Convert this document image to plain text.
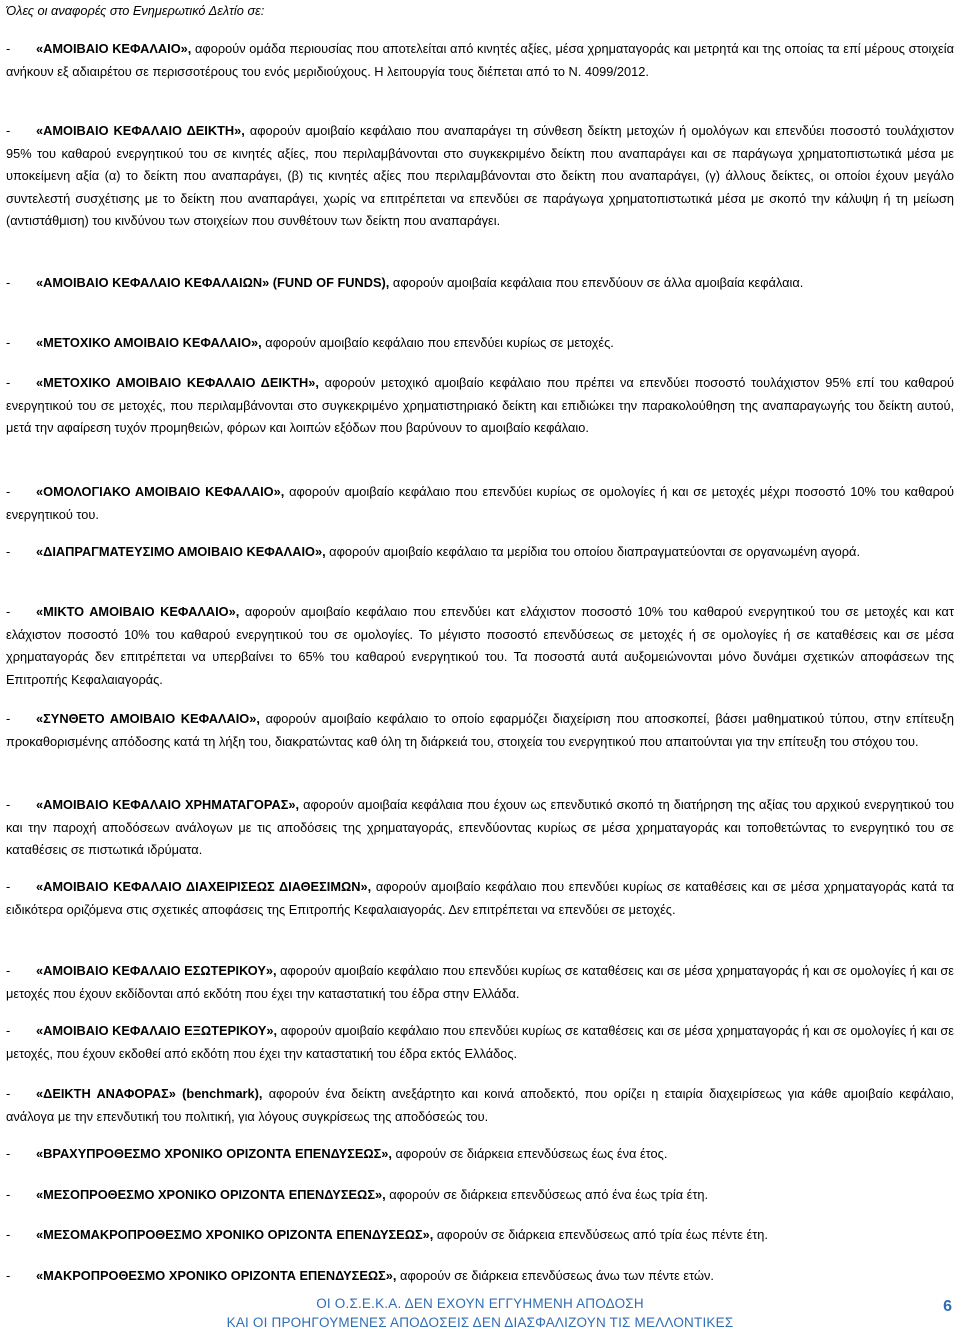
Όλες οι αναφορές στο Ενημερωτικό Δελτίο σε:
- «ΑΜΟΙΒΑΙΟ ΚΕΦΑΛΑΙΟ», αφορούν ομάδα περιουσίας που αποτελείται από κινητές αξίες, μέσα χρηματαγοράς και μετρητά και της οποίας τα επί μέρους στοιχεία ανήκουν εξ αδιαιρέτου σε περισσοτέρους του ενός μεριδιούχους. Η λειτουργία τους διέπεται από το Ν. 4099/2012.
- «ΑΜΟΙΒΑΙΟ ΚΕΦΑΛΑΙΟ ΔΕΙΚΤΗ», αφορούν αμοιβαίο κεφάλαιο που αναπαράγει τη σύνθεση δείκτη μετοχών ή ομολόγων και επενδύει ποσοστό τουλάχιστον 95% του καθαρού ενεργητικού του σε κινητές αξίες, που περιλαμβάνονται στο συγκεκριμένο δείκτη που αναπαράγει και σε παράγωγα χρηματοπιστωτικά μέσα με υποκείμενη αξία (α) το δείκτη που αναπαράγει, (β) τις κινητές αξίες που περιλαμβάνονται στο δείκτη που αναπαράγει, (γ) άλλους δείκτες, οι οποίοι έχουν μεγάλο συντελεστή συσχέτισης με το δείκτη που αναπαράγει, χωρίς να επιτρέπεται να επενδύει σε παράγωγα χρηματοπιστωτικά μέσα με σκοπό την κάλυψη ή τη μείωση (αντιστάθμιση) του κινδύνου των στοιχείων που συνθέτουν των δείκτη που αναπαράγει.
- «ΑΜΟΙΒΑΙΟ ΚΕΦΑΛΑΙΟ ΚΕΦΑΛΑΙΩΝ» (FUND OF FUNDS), αφορούν αμοιβαία κεφάλαια που επενδύουν σε άλλα αμοιβαία κεφάλαια.
- «ΜΕΤΟΧΙΚΟ ΑΜΟΙΒΑΙΟ ΚΕΦΑΛΑΙΟ», αφορούν αμοιβαίο κεφάλαιο που επενδύει κυρίως σε μετοχές.
- «ΜΕΤΟΧΙΚΟ ΑΜΟΙΒΑΙΟ ΚΕΦΑΛΑΙΟ ΔΕΙΚΤΗ», αφορούν μετοχικό αμοιβαίο κεφάλαιο που πρέπει να επενδύει ποσοστό τουλάχιστον 95% επί του καθαρού ενεργητικού του σε μετοχές, που περιλαμβάνονται στο συγκεκριμένο χρηματιστηριακό δείκτη και επιδιώκει την παρακολούθηση της αναπαραγωγής του δείκτη αυτού, μετά την αφαίρεση τυχόν προμηθειών, φόρων και λοιπών εξόδων που βαρύνουν το αμοιβαίο κεφάλαιο.
- «ΟΜΟΛΟΓΙΑΚΟ ΑΜΟΙΒΑΙΟ ΚΕΦΑΛΑΙΟ», αφορούν αμοιβαίο κεφάλαιο που επενδύει κυρίως σε ομολογίες ή και σε μετοχές μέχρι ποσοστό 10% του καθαρού ενεργητικού του.
- «ΔΙΑΠΡΑΓΜΑΤΕΥΣΙΜΟ ΑΜΟΙΒΑΙΟ ΚΕΦΑΛΑΙΟ», αφορούν αμοιβαίο κεφάλαιο τα μερίδια του οποίου διαπραγματεύονται σε οργανωμένη αγορά.
- «ΜΙΚΤΟ ΑΜΟΙΒΑΙΟ ΚΕΦΑΛΑΙΟ», αφορούν αμοιβαίο κεφάλαιο που επενδύει κατ ελάχιστον ποσοστό 10% του καθαρού ενεργητικού του σε μετοχές και κατ ελάχιστον ποσοστό 10% του καθαρού ενεργητικού του σε ομολογίες. Το μέγιστο ποσοστό επενδύσεως σε μετοχές ή σε ομολογίες ή σε καταθέσεις και σε μέσα χρηματαγοράς δεν επιτρέπεται να υπερβαίνει το 65% του καθαρού ενεργητικού του. Τα ποσοστά αυτά αυξομειώνονται μόνο δυνάμει σχετικών αποφάσεων της Επιτροπής Κεφαλαιαγοράς.
- «ΣΥΝΘΕΤΟ ΑΜΟΙΒΑΙΟ ΚΕΦΑΛΑΙΟ», αφορούν αμοιβαίο κεφάλαιο το οποίο εφαρμόζει διαχείριση που αποσκοπεί, βάσει μαθηματικού τύπου, στην επίτευξη προκαθορισμένης απόδοσης κατά τη λήξη του, διακρατώντας καθ όλη τη διάρκειά του, στοιχεία του ενεργητικού που απαιτούνται για την επίτευξη του στόχου του.
- «ΑΜΟΙΒΑΙΟ ΚΕΦΑΛΑΙΟ ΧΡΗΜΑΤΑΓΟΡΑΣ», αφορούν αμοιβαία κεφάλαια που έχουν ως επενδυτικό σκοπό τη διατήρηση της αξίας του αρχικού ενεργητικού του και την παροχή αποδόσεων ανάλογων με τις αποδόσεις της χρηματαγοράς, επενδύοντας κυρίως σε μέσα χρηματαγοράς και τοποθετώντας το ενεργητικό του σε καταθέσεις σε πιστωτικά ιδρύματα.
- «ΑΜΟΙΒΑΙΟ ΚΕΦΑΛΑΙΟ ΔΙΑΧΕΙΡΙΣΕΩΣ ΔΙΑΘΕΣΙΜΩΝ», αφορούν αμοιβαίο κεφάλαιο που επενδύει κυρίως σε καταθέσεις και σε μέσα χρηματαγοράς κατά τα ειδικότερα οριζόμενα στις σχετικές αποφάσεις της Επιτροπής Κεφαλαιαγοράς. Δεν επιτρέπεται να επενδύει σε μετοχές.
- «ΑΜΟΙΒΑΙΟ ΚΕΦΑΛΑΙΟ ΕΣΩΤΕΡΙΚΟΥ», αφορούν αμοιβαίο κεφάλαιο που επενδύει κυρίως σε καταθέσεις και σε μέσα χρηματαγοράς ή και σε ομολογίες ή και σε μετοχές που έχουν εκδίδονται από εκδότη που έχει την καταστατική του έδρα στην Ελλάδα.
- «ΑΜΟΙΒΑΙΟ ΚΕΦΑΛΑΙΟ ΕΞΩΤΕΡΙΚΟΥ», αφορούν αμοιβαίο κεφάλαιο που επενδύει κυρίως σε καταθέσεις και σε μέσα χρηματαγοράς ή και σε ομολογίες ή και σε μετοχές, που έχουν εκδοθεί από εκδότη που έχει την καταστατική του έδρα εκτός Ελλάδος.
- «ΔΕΙΚΤΗ ΑΝΑΦΟΡΑΣ» (benchmark), αφορούν ένα δείκτη ανεξάρτητο και κοινά αποδεκτό, που ορίζει η εταιρία διαχειρίσεως για κάθε αμοιβαίο κεφάλαιο, ανάλογα με την επενδυτική του πολιτική, για λόγους συγκρίσεως της αποδόσεώς του.
- «ΒΡΑΧΥΠΡΟΘΕΣΜΟ ΧΡΟΝΙΚΟ ΟΡΙΖΟΝΤΑ ΕΠΕΝΔΥΣΕΩΣ», αφορούν σε διάρκεια επενδύσεως έως ένα έτος.
- «ΜΕΣΟΠΡΟΘΕΣΜΟ ΧΡΟΝΙΚΟ ΟΡΙΖΟΝΤΑ ΕΠΕΝΔΥΣΕΩΣ», αφορούν σε διάρκεια επενδύσεως από ένα έως τρία έτη.
- «ΜΕΣΟΜΑΚΡΟΠΡΟΘΕΣΜΟ ΧΡΟΝΙΚΟ ΟΡΙΖΟΝΤΑ ΕΠΕΝΔΥΣΕΩΣ», αφορούν σε διάρκεια επενδύσεως από τρία έως πέντε έτη.
- «ΜΑΚΡΟΠΡΟΘΕΣΜΟ ΧΡΟΝΙΚΟ ΟΡΙΖΟΝΤΑ ΕΠΕΝΔΥΣΕΩΣ», αφορούν σε διάρκεια επενδύσεως άνω των πέντε ετών.
ΟΙ Ο.Σ.Ε.Κ.Α. ΔΕΝ ΕΧΟΥΝ ΕΓΓΥΗΜΕΝΗ ΑΠΟΔΟΣΗ
ΚΑΙ ΟΙ ΠΡΟΗΓΟΥΜΕΝΕΣ ΑΠΟΔΟΣΕΙΣ ΔΕΝ ΔΙΑΣΦΑΛΙΖΟΥΝ ΤΙΣ ΜΕΛΛΟΝΤΙΚΕΣ
6
